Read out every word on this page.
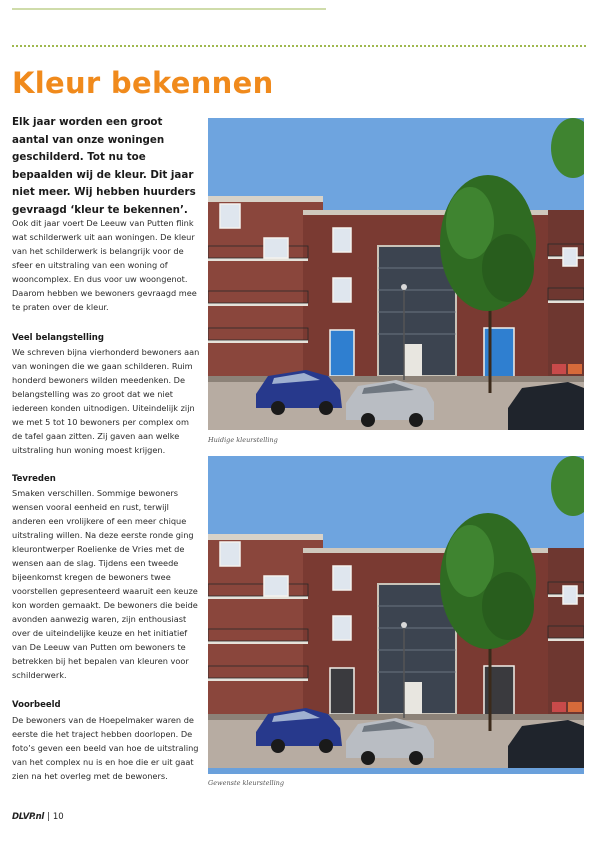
Kleur bekennen

Elk jaar worden een groot aantal van onze woningen geschilderd. Tot nu toe bepaalden wij de kleur. Dit jaar niet meer. Wij hebben huurders gevraagd ‘kleur te bekennen’.

Ook dit jaar voert De Leeuw van Putten flink wat schilderwerk uit aan woningen. De kleur van het schilderwerk is belangrijk voor de sfeer en uitstraling van een woning of wooncomplex. En dus voor uw woongenot. Daarom hebben we bewoners gevraagd mee te praten over de kleur.

Veel belangstelling

We schreven bijna vierhonderd bewoners aan van woningen die we gaan schilderen. Ruim honderd bewoners wilden meedenken. De belangstelling was zo groot dat we niet iedereen konden uitnodigen. Uiteindelijk zijn we met 5 tot 10 bewoners per complex om de tafel gaan zitten. Zij gaven aan welke uitstraling hun woning moest krijgen.

Tevreden

Smaken verschillen. Sommige bewoners wensen vooral eenheid en rust, terwijl anderen een vrolijkere of een meer chique uitstraling willen. Na deze eerste ronde ging kleurontwerper Roelienke de Vries met de wensen aan de slag. Tijdens een tweede bijeenkomst kregen de bewoners twee voorstellen gepresenteerd waaruit een keuze kon worden gemaakt. De bewoners die beide avonden aanwezig waren, zijn enthousiast over de uiteindelijke keuze en het initiatief van De Leeuw van Putten om bewoners te betrekken bij het bepalen van kleuren voor schilderwerk.

Voorbeeld

De bewoners van de Hoepelmaker waren de eerste die het traject hebben doorlopen. De foto’s geven een beeld van hoe de uitstraling van het complex nu is en hoe die er uit gaat zien na het overleg met de bewoners.

Huidige kleurstelling
Gewenste kleurstelling
DLVP.nl | 10
